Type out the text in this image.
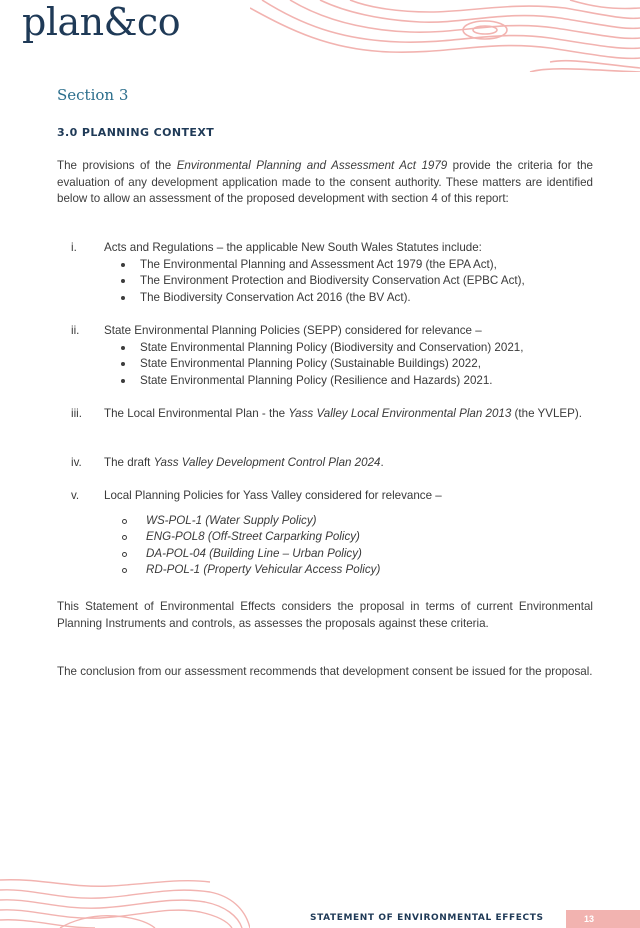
plan&co
Section 3
3.0 PLANNING CONTEXT

The provisions of the Environmental Planning and Assessment Act 1979 provide the criteria for the evaluation of any development application made to the consent authority. These matters are identified below to allow an assessment of the proposed development with section 4 of this report:

i.	Acts and Regulations – the applicable New South Wales Statutes include:
The Environmental Planning and Assessment Act 1979 (the EPA Act),
The Environment Protection and Biodiversity Conservation Act (EPBC Act),
The Biodiversity Conservation Act 2016 (the BV Act).
ii.	State Environmental Planning Policies (SEPP) considered for relevance –
State Environmental Planning Policy (Biodiversity and Conservation) 2021,
State Environmental Planning Policy (Sustainable Buildings) 2022,
State Environmental Planning Policy (Resilience and Hazards) 2021.
iii.	The Local Environmental Plan - the Yass Valley Local Environmental Plan 2013 (the YVLEP).
iv.	The draft Yass Valley Development Control Plan 2024.
v.	Local Planning Policies for Yass Valley considered for relevance –
WS-POL-1 (Water Supply Policy)
ENG-POL8 (Off-Street Carparking Policy)
DA-POL-04 (Building Line – Urban Policy)
RD-POL-1 (Property Vehicular Access Policy)

This Statement of Environmental Effects considers the proposal in terms of current Environmental Planning Instruments and controls, as assesses the proposals against these criteria.

The conclusion from our assessment recommends that development consent be issued for the proposal.

STATEMENT OF ENVIRONMENTAL EFFECTS	13
